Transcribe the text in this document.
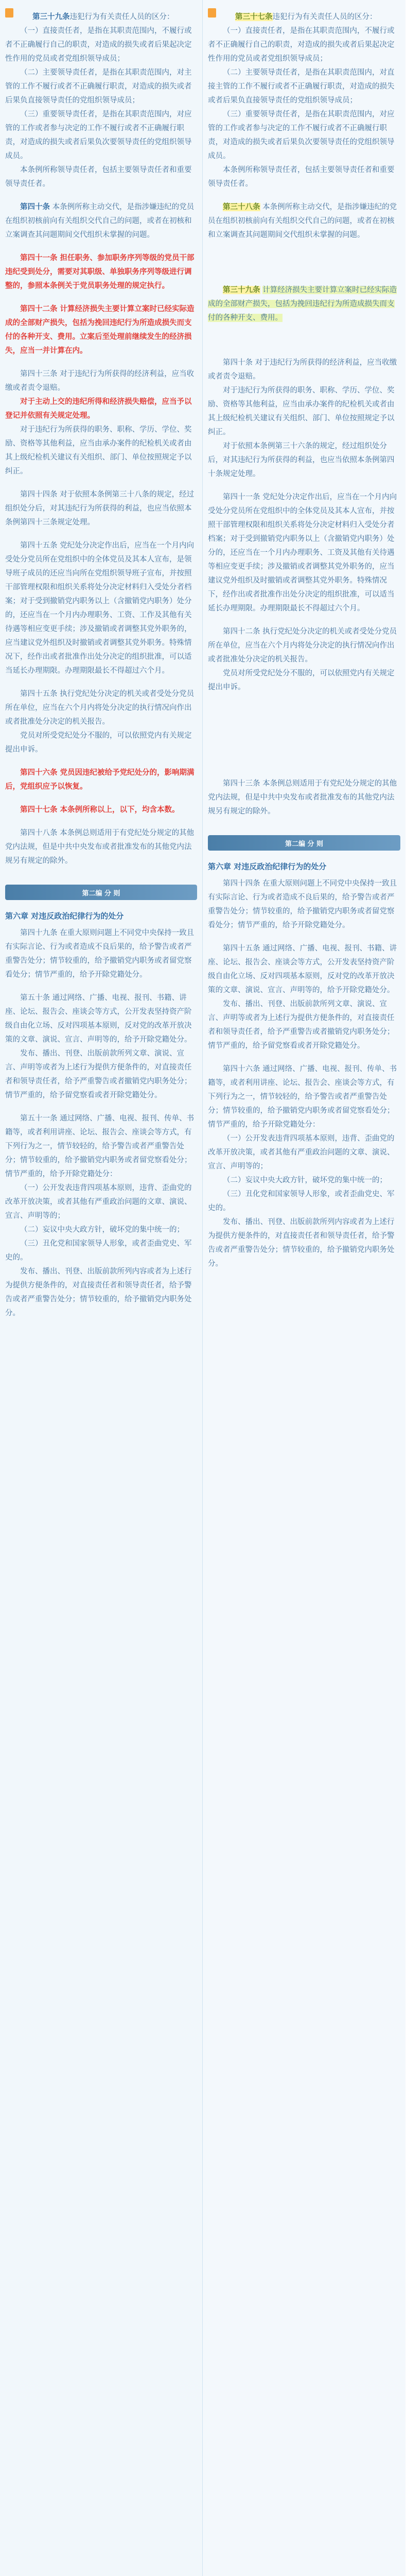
第三十九条违犯行为有关责任人员的区分：

（一）直接责任者，是指在其职责范围内，不履行或者不正确履行自己的职责，对造成的损失或者后果起决定性作用的党员或者党组织领导成员；

（二）主要领导责任者，是指在其职责范围内，对主管的工作不履行或者不正确履行职责，对造成的损失或者后果负直接领导责任的党组织领导成员；

（三）重要领导责任者，是指在其职责范围内，对应管的工作或者参与决定的工作不履行或者不正确履行职责，对造成的损失或者后果负次要领导责任的党组织领导成员。

本条例所称领导责任者，包括主要领导责任者和重要领导责任者。

第四十条 本条例所称主动交代，是指涉嫌违纪的党员在组织初核前向有关组织交代自己的问题，或者在初核和立案调查其问题期间交代组织未掌握的问题。

第四十一条 担任职务、参加职务序列等级的党员干部违纪受到处分，需要对其职级、单独职务序列等级进行调整的，参照本条例关于党员职务处理的规定执行。

第四十二条 计算经济损失主要计算立案时已经实际造成的全部财产损失，包括为挽回违纪行为所造成损失而支付的各种开支、费用。立案后至处理前继续发生的经济损失，应当一并计算在内。

第四十三条 对于违纪行为所获得的经济利益，应当收缴或者责令退赔。

对于主动上交的违纪所得和经济损失赔偿，应当予以登记并依照有关规定处理。

对于违纪行为所获得的职务、职称、学历、学位、奖励、资格等其他利益，应当由承办案件的纪检机关或者由其上级纪检机关建议有关组织、部门、单位按照规定予以纠正。

第四十四条 对于依照本条例第三十八条的规定，经过组织处分后，对其违纪行为所获得的利益，也应当依照本条例第四十三条规定处理。

第四十五条 党纪处分决定作出后，应当在一个月内向受处分党员所在党组织中的全体党员及其本人宣布，是领导班子成员的还应当向所在党组织领导班子宣布，并按照干部管理权限和组织关系将处分决定材料归入受处分者档案；对于受到撤销党内职务以上（含撤销党内职务）处分的，还应当在一个月内办理职务、工资、工作及其他有关待遇等相应变更手续；涉及撤销或者调整其党外职务的，应当建议党外组织及时撤销或者调整其党外职务。特殊情况下，经作出或者批准作出处分决定的组织批准，可以适当延长办理期限。办理期限最长不得超过六个月。

第四十五条 执行党纪处分决定的机关或者受处分党员所在单位，应当在六个月内将处分决定的执行情况向作出或者批准处分决定的机关报告。

党员对所受党纪处分不服的，可以依照党内有关规定提出申诉。

第四十六条 党员因违纪被给予党纪处分的，影响期满后，党组织应予以恢复。

第四十七条 本条例所称以上，以下，均含本数。

第四十八条 本条例总则适用于有党纪处分规定的其他党内法规，但是中共中央发布或者批准发布的其他党内法规另有规定的除外。

第二编 分 则
第六章 对违反政治纪律行为的处分

第四十九条 在重大原则问题上不同党中央保持一致且有实际言论、行为或者造成不良后果的，给予警告或者严重警告处分；情节较重的，给予撤销党内职务或者留党察看处分；情节严重的，给予开除党籍处分。

第五十条 通过网络、广播、电视、报刊、书籍、讲座、论坛、报告会、座谈会等方式，公开发表坚持资产阶级自由化立场、反对四项基本原则，反对党的改革开放决策的文章、演说、宣言、声明等的，给予开除党籍处分。

发布、播出、刊登、出版前款所列文章、演说、宣言、声明等或者为上述行为提供方便条件的，对直接责任者和领导责任者，给予严重警告或者撤销党内职务处分；情节严重的，给予留党察看或者开除党籍处分。

第五十一条 通过网络、广播、电视、报刊、传单、书籍等，或者利用讲座、论坛、报告会、座谈会等方式，有下列行为之一，情节较轻的，给予警告或者严重警告处分；情节较重的，给予撤销党内职务或者留党察看处分；情节严重的，给予开除党籍处分：

（一）公开发表违背四项基本原则，违背、歪曲党的改革开放决策，或者其他有严重政治问题的文章、演说、宣言、声明等的；

（二）妄议中央大政方针，破坏党的集中统一的；

（三）丑化党和国家领导人形象，或者歪曲党史、军史的。

发布、播出、刊登、出版前款所列内容或者为上述行为提供方便条件的，对直接责任者和领导责任者，给予警告或者严重警告处分；情节较重的，给予撤销党内职务处分。

第三十七条违犯行为有关责任人员的区分：

（一）直接责任者，是指在其职责范围内，不履行或者不正确履行自己的职责，对造成的损失或者后果起决定性作用的党员或者党组织领导成员；

（二）主要领导责任者，是指在其职责范围内，对直接主管的工作不履行或者不正确履行职责，对造成的损失或者后果负直接领导责任的党组织领导成员；

（三）重要领导责任者，是指在其职责范围内，对应管的工作或者参与决定的工作不履行或者不正确履行职责，对造成的损失或者后果负次要领导责任的党组织领导成员。

本条例所称领导责任者，包括主要领导责任者和重要领导责任者。

第三十八条 本条例所称主动交代，是指涉嫌违纪的党员在组织初核前向有关组织交代自己的问题，或者在初核和立案调查其问题期间交代组织未掌握的问题。

第三十九条 计算经济损失主要计算立案时已经实际造成的全部财产损失，包括为挽回违纪行为所造成损失而支付的各种开支、费用。

第四十条 对于违纪行为所获得的经济利益，应当收缴或者责令退赔。

对于违纪行为所获得的职务、职称、学历、学位、奖励、资格等其他利益，应当由承办案件的纪检机关或者由其上级纪检机关建议有关组织、部门、单位按照规定予以纠正。

对于依照本条例第三十六条的规定，经过组织处分后，对其违纪行为所获得的利益，也应当依照本条例第四十条规定处理。

第四十一条 党纪处分决定作出后，应当在一个月内向受处分党员所在党组织中的全体党员及其本人宣布，并按照干部管理权限和组织关系将处分决定材料归入受处分者档案；对于受到撤销党内职务以上（含撤销党内职务）处分的，还应当在一个月内办理职务、工资及其他有关待遇等相应变更手续；涉及撤销或者调整其党外职务的，应当建议党外组织及时撤销或者调整其党外职务。特殊情况下，经作出或者批准作出处分决定的组织批准，可以适当延长办理期限。办理期限最长不得超过六个月。

第四十二条 执行党纪处分决定的机关或者受处分党员所在单位，应当在六个月内将处分决定的执行情况向作出或者批准处分决定的机关报告。

党员对所受党纪处分不服的，可以依照党内有关规定提出申诉。

第四十三条 本条例总则适用于有党纪处分规定的其他党内法规，但是中共中央发布或者批准发布的其他党内法规另有规定的除外。

第二编 分 则
第六章 对违反政治纪律行为的处分

第四十四条 在重大原则问题上不同党中央保持一致且有实际言论、行为或者造成不良后果的，给予警告或者严重警告处分；情节较重的，给予撤销党内职务或者留党察看处分；情节严重的，给予开除党籍处分。

第四十五条 通过网络、广播、电视、报刊、书籍、讲座、论坛、报告会、座谈会等方式，公开发表坚持资产阶级自由化立场、反对四项基本原则，反对党的改革开放决策的文章、演说、宣言、声明等的，给予开除党籍处分。

发布、播出、刊登、出版前款所列文章、演说、宣言、声明等或者为上述行为提供方便条件的，对直接责任者和领导责任者，给予严重警告或者撤销党内职务处分；情节严重的，给予留党察看或者开除党籍处分。

第四十六条 通过网络、广播、电视、报刊、传单、书籍等，或者利用讲座、论坛、报告会、座谈会等方式，有下列行为之一，情节较轻的，给予警告或者严重警告处分；情节较重的，给予撤销党内职务或者留党察看处分；情节严重的，给予开除党籍处分：

（一）公开发表违背四项基本原则，违背、歪曲党的改革开放决策，或者其他有严重政治问题的文章、演说、宣言、声明等的；

（二）妄议中央大政方针，破坏党的集中统一的；

（三）丑化党和国家领导人形象，或者歪曲党史、军史的。

发布、播出、刊登、出版前款所列内容或者为上述行为提供方便条件的，对直接责任者和领导责任者，给予警告或者严重警告处分；情节较重的，给予撤销党内职务处分。
